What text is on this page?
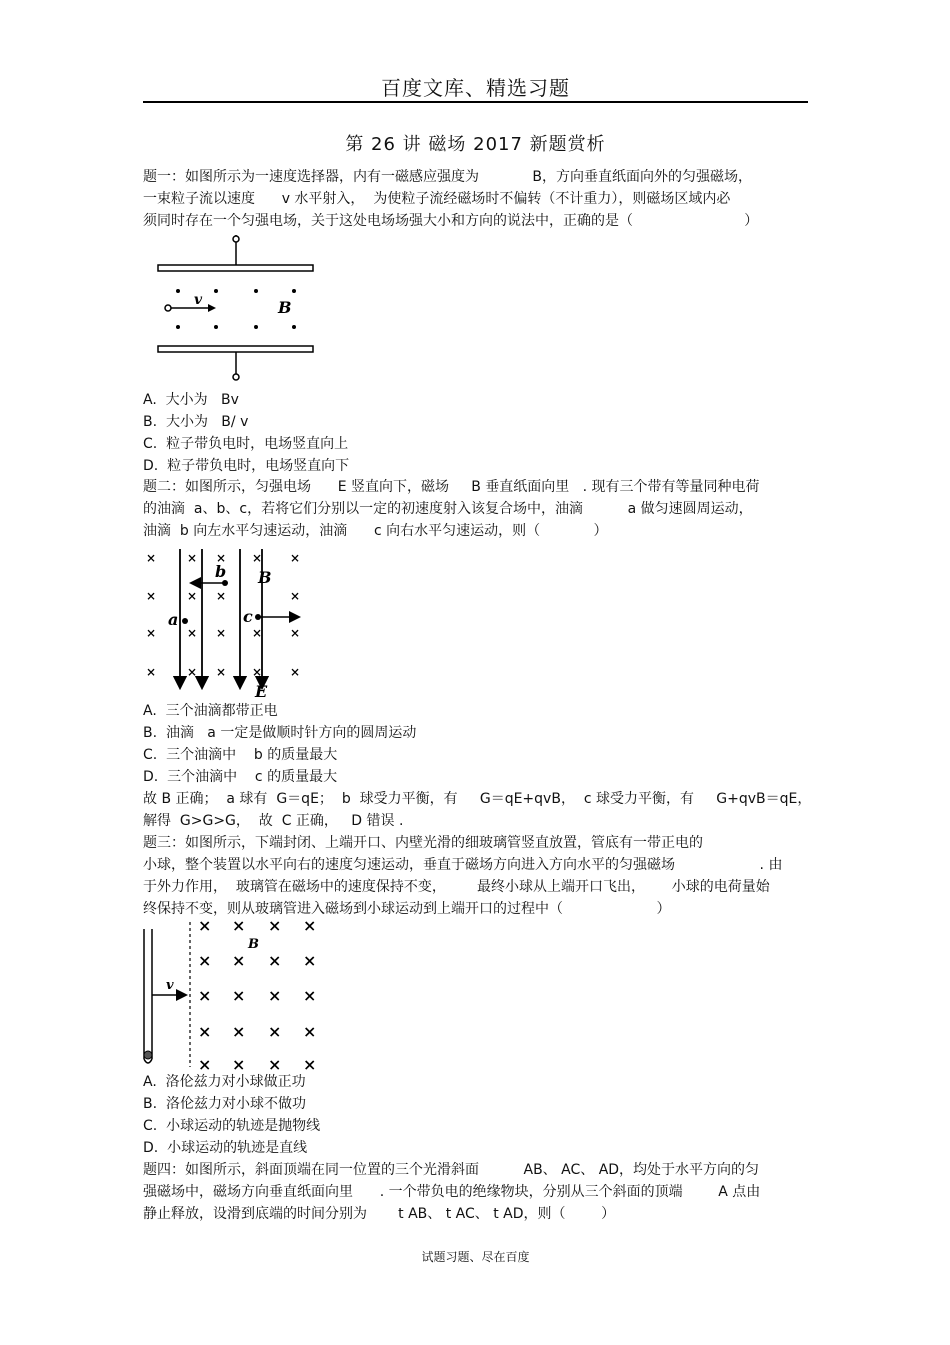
百度文库、精选习题
第 26 讲 磁场 2017 新题赏析
题一：如图所示为一速度选择器，内有一磁感应强度为            B，方向垂直纸面向外的匀强磁场，
一束粒子流以速度      v 水平射入，  为使粒子流经磁场时不偏转（不计重力），则磁场区域内必
须同时存在一个匀强电场，关于这处电场场强大小和方向的说法中，正确的是（                         ）
v	B
A.  大小为   Bv
B.  大小为   B/ v
C.  粒子带负电时，电场竖直向上
D.  粒子带负电时，电场竖直向下
题二：如图所示，匀强电场      E 竖直向下，磁场     B 垂直纸面向里   . 现有三个带有等量同种电荷
的油滴  a、b、c，若将它们分别以一定的初速度射入该复合场中，油滴          a 做匀速圆周运动，
油滴  b 向左水平匀速运动，油滴      c 向右水平匀速运动，则（            ）
×	× × × ×
×	× ×	×
×	× × × ×
×	× × × ×
b B
a	c
E
A.  三个油滴都带正电
B.  油滴   a 一定是做顺时针方向的圆周运动
C.  三个油滴中    b 的质量最大
D.  三个油滴中    c 的质量最大
故 B 正确；  a 球有  G＝qE；  b  球受力平衡，有     G＝qE+qvB，  c 球受力平衡，有     G+qvB＝qE，
解得  G>G>G，  故  C 正确，   D 错误 .
题三：如图所示，下端封闭、上端开口、内壁光滑的细玻璃管竖直放置，管底有一带正电的
小球，整个装置以水平向右的速度匀速运动，垂直于磁场方向进入方向水平的匀强磁场                   . 由
于外力作用，  玻璃管在磁场中的速度保持不变，       最终小球从上端开口飞出，      小球的电荷量始
终保持不变，则从玻璃管进入磁场到小球运动到上端开口的过程中（                     ）
v
× × × ×
× × × ×
× × × ×
× × × ×
× × × ×
B
A.  洛伦兹力对小球做正功
B.  洛伦兹力对小球不做功
C.  小球运动的轨迹是抛物线
D.  小球运动的轨迹是直线
题四：如图所示，斜面顶端在同一位置的三个光滑斜面          AB、 AC、 AD，均处于水平方向的匀
强磁场中，磁场方向垂直纸面向里      . 一个带负电的绝缘物块，分别从三个斜面的顶端        A 点由
静止释放，设滑到底端的时间分别为       t AB、 t AC、 t AD，则（        ）
试题习题、尽在百度
